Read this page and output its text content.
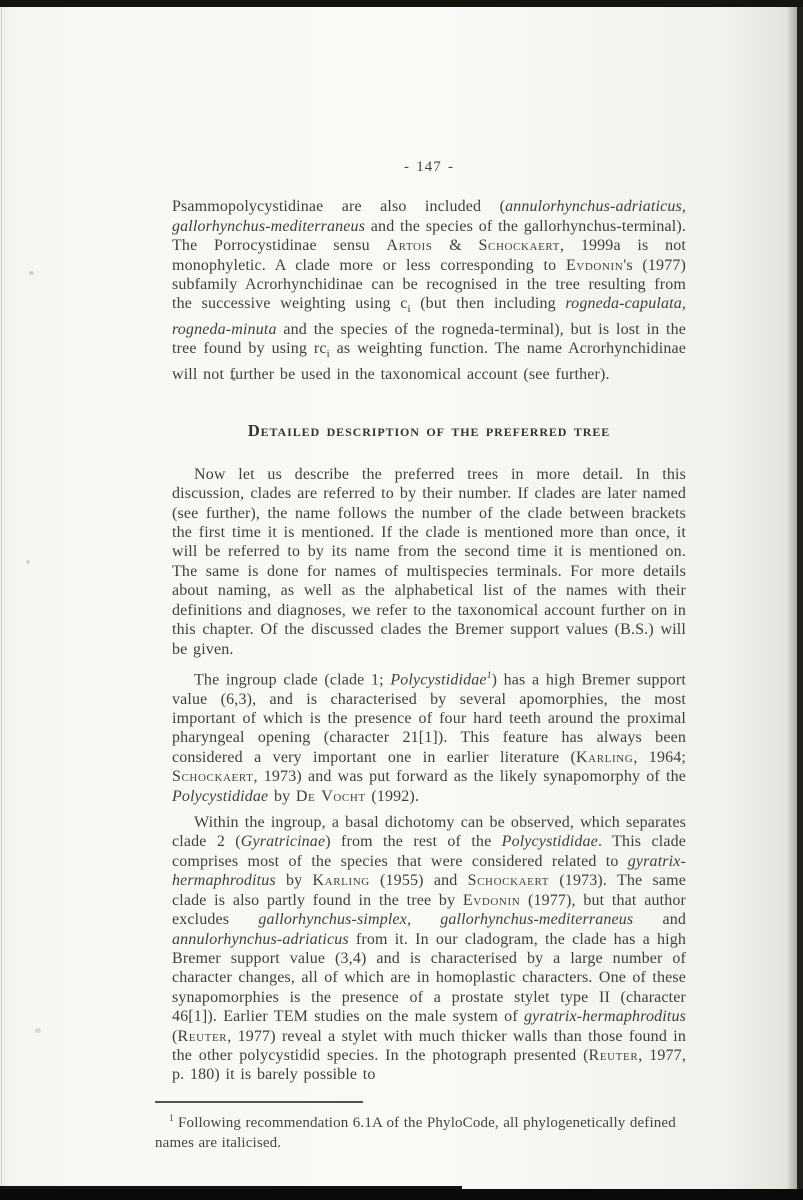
- 147 -

Psammopolycystidinae are also included (annulorhynchus-adriaticus, gallorhynchus-mediterraneus and the species of the gallorhynchus-terminal). The Porrocystidinae sensu Artois & Schockaert, 1999a is not monophyletic. A clade more or less corresponding to Evdonin's (1977) subfamily Acrorhynchidinae can be recognised in the tree resulting from the successive weighting using $c_i$ (but then including rogneda-capulata, rogneda-minuta and the species of the rogneda-terminal), but is lost in the tree found by using $rc_i$ as weighting function. The name Acrorhynchidinae will not further be used in the taxonomical account (see further).

Detailed description of the preferred tree

Now let us describe the preferred trees in more detail. In this discussion, clades are referred to by their number. If clades are later named (see further), the name follows the number of the clade between brackets the first time it is mentioned. If the clade is mentioned more than once, it will be referred to by its name from the second time it is mentioned on. The same is done for names of multispecies terminals. For more details about naming, as well as the alphabetical list of the names with their definitions and diagnoses, we refer to the taxonomical account further on in this chapter. Of the discussed clades the Bremer support values (B.S.) will be given.

The ingroup clade (clade 1; Polycystididae$^1$) has a high Bremer support value (6,3), and is characterised by several apomorphies, the most important of which is the presence of four hard teeth around the proximal pharyngeal opening (character 21[1]). This feature has always been considered a very important one in earlier literature (Karling, 1964; Schockaert, 1973) and was put forward as the likely synapomorphy of the Polycystididae by De Vocht (1992).

Within the ingroup, a basal dichotomy can be observed, which separates clade 2 (Gyratricinae) from the rest of the Polycystididae. This clade comprises most of the species that were considered related to gyratrix-hermaphroditus by Karling (1955) and Schockaert (1973). The same clade is also partly found in the tree by Evdonin (1977), but that author excludes gallorhynchus-simplex, gallorhynchus-mediterraneus and annulorhynchus-adriaticus from it. In our cladogram, the clade has a high Bremer support value (3,4) and is characterised by a large number of character changes, all of which are in homoplastic characters. One of these synapomorphies is the presence of a prostate stylet type II (character 46[1]). Earlier TEM studies on the male system of gyratrix-hermaphroditus (Reuter, 1977) reveal a stylet with much thicker walls than those found in the other polycystidid species. In the photograph presented (Reuter, 1977, p. 180) it is barely possible to

$^1$ Following recommendation 6.1A of the PhyloCode, all phylogenetically defined names are italicised.
